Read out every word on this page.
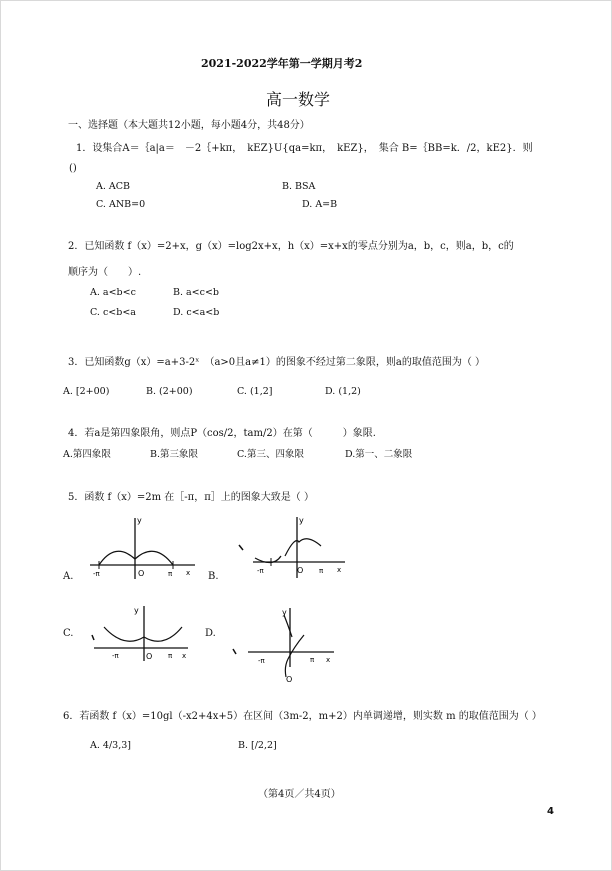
2021-2022学年第一学期月考2
高一数学
一、选择题（本大题共12小题，每小题4分，共48分）
1．设集合A＝｛a|a＝　－2｛+kπ，　kEZ}U{qa=kπ，　kEZ}，　集合 B=｛BB=k．/2，kE2}．则
()
A. ACB	B. BSA
C. ANB=0	D. A=B
2．已知函数 f（x）=2+x，g（x）=log2x+x，h（x）=x+x的零点分别为a，b，c，则a，b，c的
顺序为（　　）.
A. a<b<c	B. a<c<b
C. c<b<a	D. c<a<b
3．已知函数g（x）=a+3-2ˣ　（a>0且a≠1）的图象不经过第二象限，则a的取值范围为（ ）
A. [2+00)	B. (2+00)	C. (1,2]	D. (1,2)
4．若a是第四象限角，则点P（cos/2，tam/2）在第（　　　）象限.
A.第四象限	B.第三象限	C.第三、四象限	D.第一、二象限
5．函数 f（x）=2m 在［-π，π］上的图象大致是（ ）
A.
y
-π	O	π x B.
y
-π	O π x
C.
y
-π	O π x
D.
y
-π
O
π x
6．若函数 f（x）=10gl（-x2+4x+5）在区间（3m-2，m+2）内单调递增，则实数 m 的取值范围为（ ）
A. 4/3,3]	B. [/2,2]
（第4页／共4页）
4
